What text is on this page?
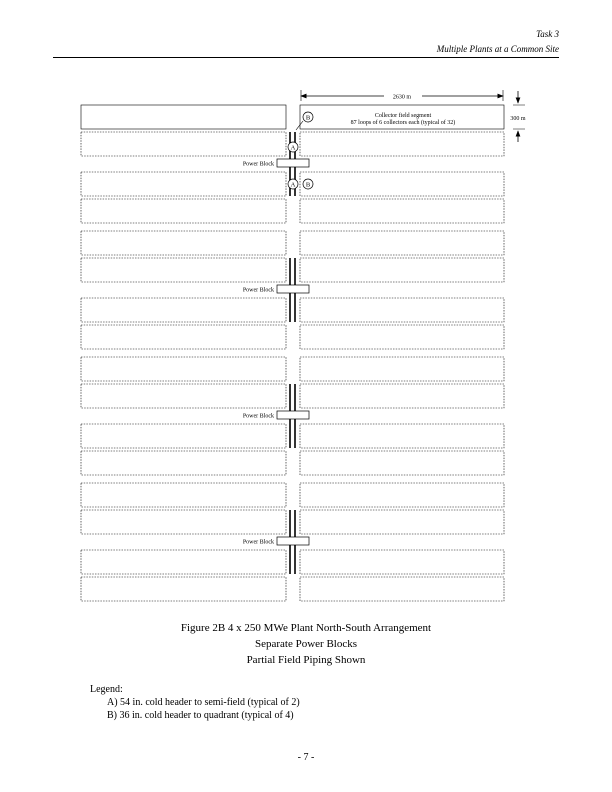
Task 3
Multiple Plants at a Common Site
Power Block
Power Block
Power Block
Power Block
2630 m
Collector field segment
87 loops of 6 collectors each (typical of 32)
300 m
B
A
A B
Figure 2B 4 x 250 MWe Plant North-South Arrangement
Separate Power Blocks
Partial Field Piping Shown
Legend:
A) 54 in. cold header to semi-field (typical of 2)
B) 36 in. cold header to quadrant (typical of 4)
- 7 -
